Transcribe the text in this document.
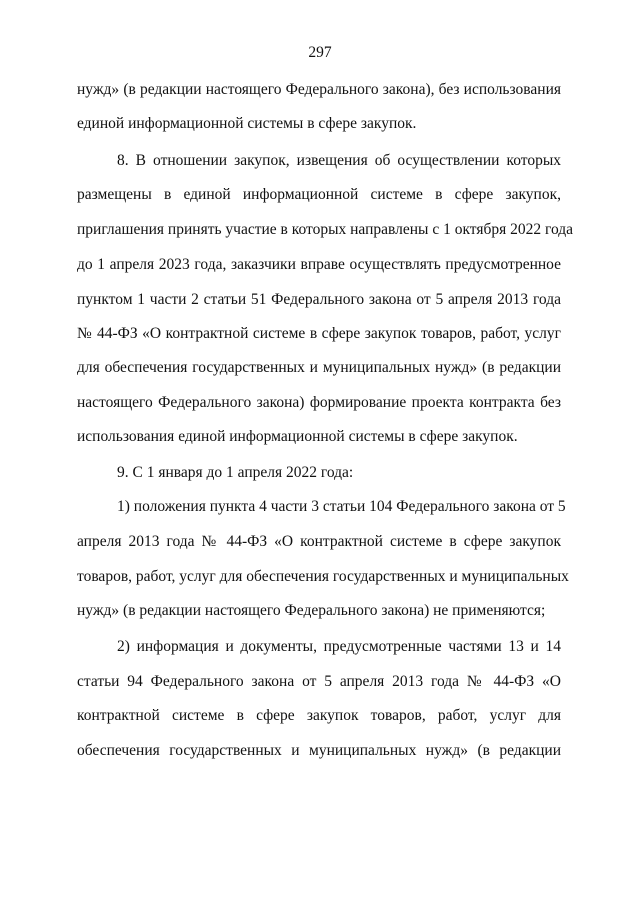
297
нужд» (в редакции настоящего Федерального закона), без использования
единой информационной системы в сфере закупок.
8. В отношении закупок, извещения об осуществлении которых
размещены в единой информационной системе в сфере закупок,
приглашения принять участие в которых направлены с 1 октября 2022 года
до 1 апреля 2023 года, заказчики вправе осуществлять предусмотренное
пунктом 1 части 2 статьи 51 Федерального закона от 5 апреля 2013 года
№ 44-ФЗ «О контрактной системе в сфере закупок товаров, работ, услуг
для обеспечения государственных и муниципальных нужд» (в редакции
настоящего Федерального закона) формирование проекта контракта без
использования единой информационной системы в сфере закупок.
9. С 1 января до 1 апреля 2022 года:
1) положения пункта 4 части 3 статьи 104 Федерального закона от 5
апреля 2013 года № 44-ФЗ «О контрактной системе в сфере закупок
товаров, работ, услуг для обеспечения государственных и муниципальных
нужд» (в редакции настоящего Федерального закона) не применяются;
2) информация и документы, предусмотренные частями 13 и 14
статьи 94 Федерального закона от 5 апреля 2013 года № 44-ФЗ «О
контрактной системе в сфере закупок товаров, работ, услуг для
обеспечения государственных и муниципальных нужд» (в редакции
